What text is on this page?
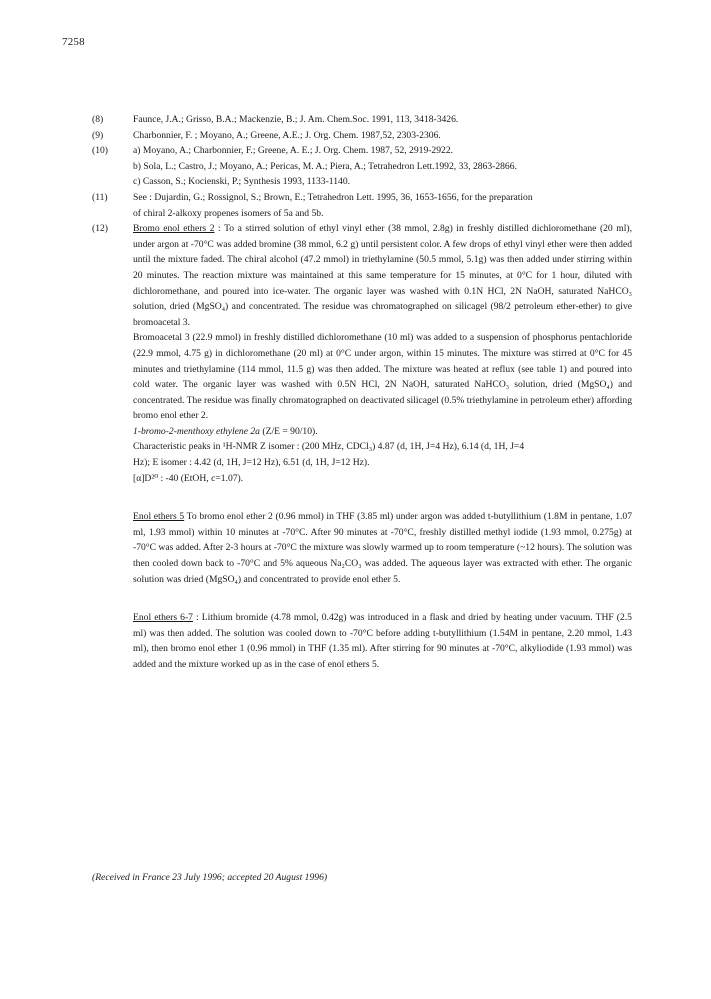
7258
(8)	Faunce, J.A.; Grisso, B.A.; Mackenzie, B.; J. Am. Chem.Soc. 1991, 113, 3418-3426.
(9)	Charbonnier, F. ; Moyano, A.; Greene, A.E.; J. Org. Chem. 1987,52, 2303-2306.
(10)	a) Moyano, A.; Charbonnier, F.; Greene, A. E.; J. Org. Chem. 1987, 52, 2919-2922.
b) Sola, L.; Castro, J.; Moyano, A.; Pericas, M. A.; Piera, A.; Tetrahedron Lett.1992, 33, 2863-2866.
c) Casson, S.; Kocienski, P.; Synthesis 1993, 1133-1140.
(11)	See : Dujardin, G.; Rossignol, S.; Brown, E.; Tetrahedron Lett. 1995, 36, 1653-1656, for the preparation
of chiral 2-alkoxy propenes isomers of 5a and 5b.
(12)	Bromo enol ethers 2 : To a stirred solution of ethyl vinyl ether (38 mmol, 2.8g) in freshly distilled dichloromethane (20 ml), under argon at -70°C was added bromine (38 mmol, 6.2 g) until persistent color. A few drops of ethyl vinyl ether were then added until the mixture faded. The chiral alcohol (47.2 mmol) in triethylamine (50.5 mmol, 5.1g) was then added under stirring within 20 minutes. The reaction mixture was maintained at this same temperature for 15 minutes, at 0°C for 1 hour, diluted with dichloromethane, and poured into ice-water. The organic layer was washed with 0.1N HCl, 2N NaOH, saturated NaHCO₃ solution, dried (MgSO₄) and concentrated. The residue was chromatographed on silicagel (98/2 petroleum ether-ether) to give bromoacetal 3.
Bromoacetal 3 (22.9 mmol) in freshly distilled dichloromethane (10 ml) was added to a suspension of phosphorus pentachloride (22.9 mmol, 4.75 g) in dichloromethane (20 ml) at 0°C under argon, within 15 minutes. The mixture was stirred at 0°C for 45 minutes and triethylamine (114 mmol, 11.5 g) was then added. The mixture was heated at reflux (see table 1) and poured into cold water. The organic layer was washed with 0.5N HCl, 2N NaOH, saturated NaHCO₃ solution, dried (MgSO₄) and concentrated. The residue was finally chromatographed on deactivated silicagel (0.5% triethylamine in petroleum ether) affording bromo enol ether 2.
1-bromo-2-menthoxy ethylene 2a (Z/E = 90/10).
Characteristic peaks in ¹H-NMR Z isomer : (200 MHz, CDCl₃) 4.87 (d, 1H, J=4 Hz), 6.14 (d, 1H, J=4
Hz); E isomer : 4.42 (d, 1H, J=12 Hz), 6.51 (d, 1H, J=12 Hz).
[α]D²⁰ : -40 (EtOH, c=1.07).
Enol ethers 5 To bromo enol ether 2 (0.96 mmol) in THF (3.85 ml) under argon was added t-butyllithium (1.8M in pentane, 1.07 ml, 1.93 mmol) within 10 minutes at -70°C. After 90 minutes at -70°C, freshly distilled methyl iodide (1.93 mmol, 0.275g) at -70°C was added. After 2-3 hours at -70°C the mixture was slowly warmed up to room temperature (~12 hours). The solution was then cooled down back to -70°C and 5% aqueous Na₂CO₃ was added. The aqueous layer was extracted with ether. The organic solution was dried (MgSO₄) and concentrated to provide enol ether 5.
Enol ethers 6-7 : Lithium bromide (4.78 mmol, 0.42g) was introduced in a flask and dried by heating under vacuum. THF (2.5 ml) was then added. The solution was cooled down to -70°C before adding t-butyllithium (1.54M in pentane, 2.20 mmol, 1.43 ml), then bromo enol ether 1 (0.96 mmol) in THF (1.35 ml). After stirring for 90 minutes at -70°C, alkyliodide (1.93 mmol) was added and the mixture worked up as in the case of enol ethers 5.
(Received in France 23 July 1996; accepted 20 August 1996)
